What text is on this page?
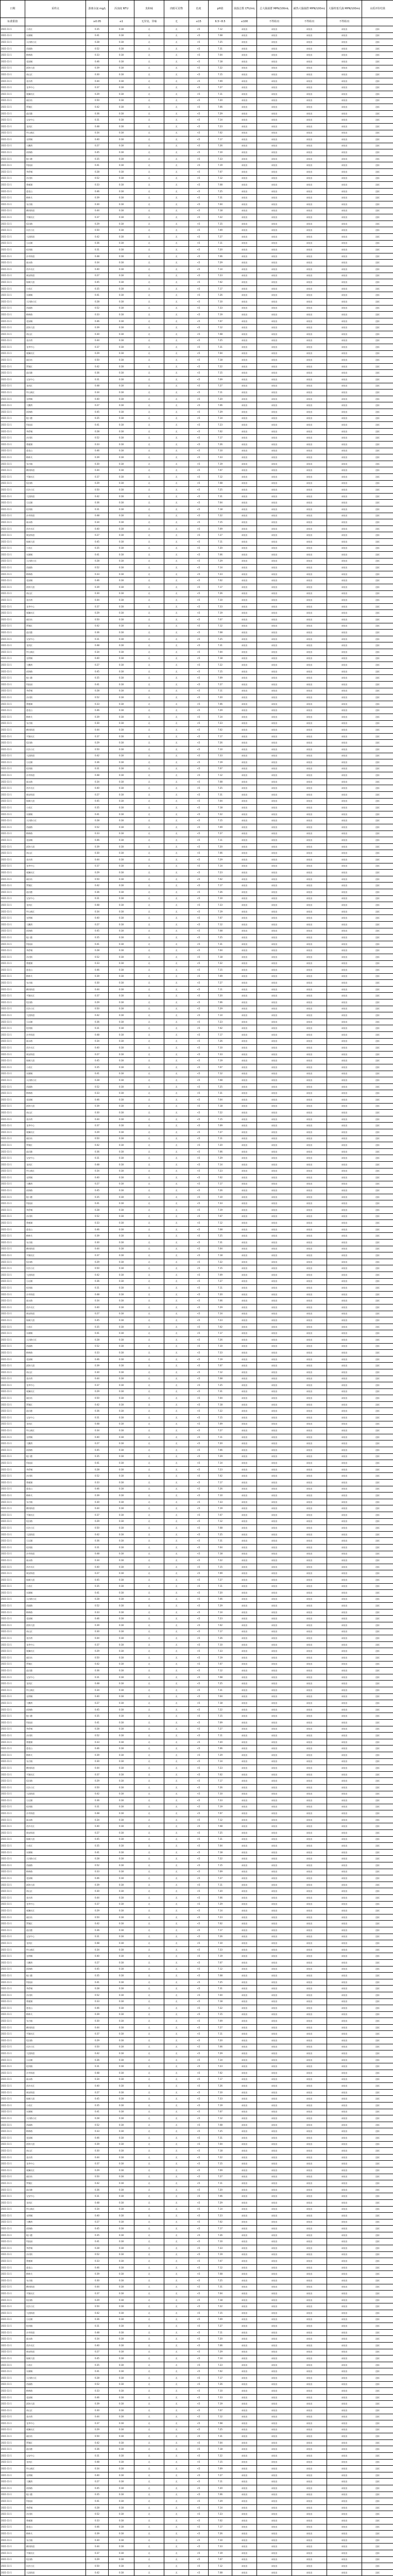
日期	采样点	游离余氯 mg/L	浑浊度 NTU	臭和味	肉眼可见物	色度	pH值	菌落总数 CFU/mL	总大肠菌群 MPN/100mL	耐热大肠菌群 MPN/100mL	大肠埃希氏菌 MPN/100mL	水质评价结果
标准限值		≥0.05	≤1	无异臭、异味	无	≤15	6.5~8.5	≤100	不得检出	不得检出	不得检出	
2021-11-1	小苏区	0.35	0.18	无	无	<5	7.12	未检出	未检出	未检出	未检出	达标
2021-11-1	东湖城	0.41	0.18	无	无	<5	7.08	未检出	未检出	未检出	未检出	达标
2021-11-1	天河路小区	0.28	0.18	无	无	<5	7.25	未检出	未检出	未检出	未检出	达标
2021-11-1	西丽路	0.52	0.18	无	无	<5	7.31	未检出	未检出	未检出	未检出	达标
2021-11-1	梅林路	0.33	0.18	无	无	<5	7.04	未检出	未检出	未检出	未检出	达标
2021-11-1	花园城	0.46	0.18	无	无	<5	7.18	未检出	未检出	未检出	未检出	达标
2021-11-1	滨海大道	0.39	0.18	无	无	<5	7.22	未检出	未检出	未检出	未检出	达标
2021-11-1	南山区	0.30	0.18	无	无	<5	7.15	未检出	未检出	未检出	未检出	达标
2021-11-1	金沙湾	0.44	0.18	无	无	<5	7.09	未检出	未检出	未检出	未检出	达标
2021-11-1	龙华中心	0.37	0.18	无	无	<5	7.27	未检出	未检出	未检出	未检出	达标
2021-11-1	观澜社区	0.29	0.18	无	无	<5	7.11	未检出	未检出	未检出	未检出	达标
2021-11-1	福田站	0.50	0.18	无	无	<5	7.20	未检出	未检出	未检出	未检出	达标
2021-11-1	罗湖区	0.42	0.18	无	无	<5	7.06	未检出	未检出	未检出	未检出	达标
2021-11-1	盐田港	0.36	0.18	无	无	<5	7.29	未检出	未检出	未检出	未检出	达标
2021-11-1	宝安中心	0.31	0.18	无	无	<5	7.14	未检出	未检出	未检出	未检出	达标
2021-11-1	龙岗区	0.48	0.18	无	无	<5	7.23	未检出	未检出	未检出	未检出	达标
2021-11-1	坪山新区	0.34	0.18	无	无	<5	7.02	未检出	未检出	未检出	未检出	达标
2021-11-1	光明城	0.40	0.18	无	无	<5	7.17	未检出	未检出	未检出	未检出	达标
2021-11-1	大鹏湾	0.27	0.18	无	无	<5	7.26	未检出	未检出	未检出	未检出	达标
2021-11-1	前海路	0.45	0.18	无	无	<5	7.10	未检出	未检出	未检出	未检出	达标
2021-11-1	蛇口港	0.35	0.18	无	无	<5	7.33	未检出	未检出	未检出	未检出	达标
2021-11-1	科技园	0.41	0.18	无	无	<5	7.19	未检出	未检出	未检出	未检出	达标
2021-11-1	华侨城	0.28	0.18	无	无	<5	7.07	未检出	未检出	未检出	未检出	达标
2021-11-1	沙河街	0.52	0.18	无	无	<5	7.12	未检出	未检出	未检出	未检出	达标
2021-11-1	香蜜湖	0.33	0.18	无	无	<5	7.08	未检出	未检出	未检出	未检出	达标
2021-11-1	莲花山	0.46	0.18	无	无	<5	7.25	未检出	未检出	未检出	未检出	达标
2021-11-1	梅林关	0.39	0.18	无	无	<5	7.31	未检出	未检出	未检出	未检出	达标
2021-11-1	布吉镇	0.30	0.18	无	无	<5	7.04	未检出	未检出	未检出	未检出	达标
2021-11-1	横岗街道	0.44	0.18	无	无	<5	7.18	未检出	未检出	未检出	未检出	达标
2021-11-1	平湖社区	0.37	0.18	无	无	<5	7.22	未检出	未检出	未检出	未检出	达标
2021-11-1	坂田路	0.29	0.18	无	无	<5	7.15	未检出	未检出	未检出	未检出	达标
2021-11-1	民治小区	0.50	0.18	无	无	<5	7.09	未检出	未检出	未检出	未检出	达标
2021-11-1	大浪街道	0.42	0.18	无	无	<5	7.27	未检出	未检出	未检出	未检出	达标
2021-11-1	石岩湖	0.36	0.18	无	无	<5	7.11	未检出	未检出	未检出	未检出	达标
2021-11-1	松岗镇	0.31	0.18	无	无	<5	7.20	未检出	未检出	未检出	未检出	达标
2021-11-1	沙井街道	0.48	0.18	无	无	<5	7.06	未检出	未检出	未检出	未检出	达标
2021-11-1	福永路	0.34	0.18	无	无	<5	7.29	未检出	未检出	未检出	未检出	达标
2021-11-1	西乡社区	0.40	0.18	无	无	<5	7.14	未检出	未检出	未检出	未检出	达标
2021-11-1	新安街道	0.27	0.18	无	无	<5	7.23	未检出	未检出	未检出	未检出	达标
2021-11-1	航城大道	0.45	0.18	无	无	<5	7.02	未检出	未检出	未检出	未检出	达标
2021-11-1	小苏区	0.35	0.18	无	无	<5	7.17	未检出	未检出	未检出	未检出	达标
2021-11-1	东湖城	0.41	0.18	无	无	<5	7.26	未检出	未检出	未检出	未检出	达标
2021-11-1	天河路小区	0.28	0.18	无	无	<5	7.10	未检出	未检出	未检出	未检出	达标
2021-11-1	西丽路	0.52	0.18	无	无	<5	7.33	未检出	未检出	未检出	未检出	达标
2021-11-1	梅林路	0.33	0.18	无	无	<5	7.19	未检出	未检出	未检出	未检出	达标
2021-11-1	花园城	0.46	0.18	无	无	<5	7.07	未检出	未检出	未检出	未检出	达标
2021-11-1	滨海大道	0.39	0.18	无	无	<5	7.12	未检出	未检出	未检出	未检出	达标
2021-11-1	南山区	0.30	0.18	无	无	<5	7.08	未检出	未检出	未检出	未检出	达标
2021-11-1	金沙湾	0.44	0.18	无	无	<5	7.25	未检出	未检出	未检出	未检出	达标
2021-11-1	龙华中心	0.37	0.18	无	无	<5	7.31	未检出	未检出	未检出	未检出	达标
2021-11-1	观澜社区	0.29	0.18	无	无	<5	7.04	未检出	未检出	未检出	未检出	达标
2021-11-1	福田站	0.50	0.18	无	无	<5	7.18	未检出	未检出	未检出	未检出	达标
2021-11-1	罗湖区	0.42	0.18	无	无	<5	7.22	未检出	未检出	未检出	未检出	达标
2021-11-1	盐田港	0.36	0.18	无	无	<5	7.15	未检出	未检出	未检出	未检出	达标
2021-11-1	宝安中心	0.31	0.18	无	无	<5	7.09	未检出	未检出	未检出	未检出	达标
2021-11-1	龙岗区	0.48	0.18	无	无	<5	7.27	未检出	未检出	未检出	未检出	达标
2021-11-1	坪山新区	0.34	0.18	无	无	<5	7.11	未检出	未检出	未检出	未检出	达标
2021-11-1	光明城	0.40	0.18	无	无	<5	7.20	未检出	未检出	未检出	未检出	达标
2021-11-1	大鹏湾	0.27	0.18	无	无	<5	7.06	未检出	未检出	未检出	未检出	达标
2021-11-1	前海路	0.45	0.18	无	无	<5	7.29	未检出	未检出	未检出	未检出	达标
2021-11-1	蛇口港	0.35	0.18	无	无	<5	7.14	未检出	未检出	未检出	未检出	达标
2021-11-1	科技园	0.41	0.18	无	无	<5	7.23	未检出	未检出	未检出	未检出	达标
2021-11-1	华侨城	0.28	0.18	无	无	<5	7.02	未检出	未检出	未检出	未检出	达标
2021-11-1	沙河街	0.52	0.18	无	无	<5	7.17	未检出	未检出	未检出	未检出	达标
2021-11-1	香蜜湖	0.33	0.18	无	无	<5	7.26	未检出	未检出	未检出	未检出	达标
2021-11-1	莲花山	0.46	0.18	无	无	<5	7.10	未检出	未检出	未检出	未检出	达标
2021-11-1	梅林关	0.39	0.18	无	无	<5	7.33	未检出	未检出	未检出	未检出	达标
2021-11-1	布吉镇	0.30	0.18	无	无	<5	7.19	未检出	未检出	未检出	未检出	达标
2021-11-1	横岗街道	0.44	0.18	无	无	<5	7.07	未检出	未检出	未检出	未检出	达标
2021-11-1	平湖社区	0.37	0.18	无	无	<5	7.12	未检出	未检出	未检出	未检出	达标
2021-11-1	坂田路	0.29	0.18	无	无	<5	7.08	未检出	未检出	未检出	未检出	达标
2021-11-1	民治小区	0.50	0.18	无	无	<5	7.25	未检出	未检出	未检出	未检出	达标
2021-11-1	大浪街道	0.42	0.18	无	无	<5	7.31	未检出	未检出	未检出	未检出	达标
2021-11-1	石岩湖	0.36	0.18	无	无	<5	7.04	未检出	未检出	未检出	未检出	达标
2021-11-1	松岗镇	0.31	0.18	无	无	<5	7.18	未检出	未检出	未检出	未检出	达标
2021-11-1	沙井街道	0.48	0.18	无	无	<5	7.22	未检出	未检出	未检出	未检出	达标
2021-11-1	福永路	0.34	0.18	无	无	<5	7.15	未检出	未检出	未检出	未检出	达标
2021-11-1	西乡社区	0.40	0.18	无	无	<5	7.09	未检出	未检出	未检出	未检出	达标
2021-11-1	新安街道	0.27	0.18	无	无	<5	7.27	未检出	未检出	未检出	未检出	达标
2021-11-1	航城大道	0.45	0.18	无	无	<5	7.11	未检出	未检出	未检出	未检出	达标
2021-11-1	小苏区	0.35	0.18	无	无	<5	7.20	未检出	未检出	未检出	未检出	达标
2021-11-1	东湖城	0.41	0.18	无	无	<5	7.06	未检出	未检出	未检出	未检出	达标
2021-11-1	天河路小区	0.28	0.18	无	无	<5	7.29	未检出	未检出	未检出	未检出	达标
2021-11-1	西丽路	0.52	0.18	无	无	<5	7.14	未检出	未检出	未检出	未检出	达标
2021-11-1	梅林路	0.33	0.18	无	无	<5	7.23	未检出	未检出	未检出	未检出	达标
2021-11-1	花园城	0.46	0.18	无	无	<5	7.02	未检出	未检出	未检出	未检出	达标
2021-11-1	滨海大道	0.39	0.18	无	无	<5	7.17	未检出	未检出	未检出	未检出	达标
2021-11-1	南山区	0.30	0.18	无	无	<5	7.26	未检出	未检出	未检出	未检出	达标
2021-11-1	金沙湾	0.44	0.18	无	无	<5	7.10	未检出	未检出	未检出	未检出	达标
2021-11-1	龙华中心	0.37	0.18	无	无	<5	7.33	未检出	未检出	未检出	未检出	达标
2021-11-1	观澜社区	0.29	0.18	无	无	<5	7.19	未检出	未检出	未检出	未检出	达标
2021-11-1	福田站	0.50	0.18	无	无	<5	7.07	未检出	未检出	未检出	未检出	达标
2021-11-1	罗湖区	0.42	0.18	无	无	<5	7.12	未检出	未检出	未检出	未检出	达标
2021-11-1	盐田港	0.36	0.18	无	无	<5	7.08	未检出	未检出	未检出	未检出	达标
2021-11-1	宝安中心	0.31	0.18	无	无	<5	7.25	未检出	未检出	未检出	未检出	达标
2021-11-1	龙岗区	0.48	0.18	无	无	<5	7.31	未检出	未检出	未检出	未检出	达标
2021-11-1	坪山新区	0.34	0.18	无	无	<5	7.04	未检出	未检出	未检出	未检出	达标
2021-11-1	光明城	0.40	0.18	无	无	<5	7.18	未检出	未检出	未检出	未检出	达标
2021-11-1	大鹏湾	0.27	0.18	无	无	<5	7.22	未检出	未检出	未检出	未检出	达标
2021-11-1	前海路	0.45	0.18	无	无	<5	7.15	未检出	未检出	未检出	未检出	达标
2021-11-1	蛇口港	0.35	0.18	无	无	<5	7.09	未检出	未检出	未检出	未检出	达标
2021-11-1	科技园	0.41	0.18	无	无	<5	7.27	未检出	未检出	未检出	未检出	达标
2021-11-1	华侨城	0.28	0.18	无	无	<5	7.11	未检出	未检出	未检出	未检出	达标
2021-11-1	沙河街	0.52	0.18	无	无	<5	7.20	未检出	未检出	未检出	未检出	达标
2021-11-1	香蜜湖	0.33	0.18	无	无	<5	7.06	未检出	未检出	未检出	未检出	达标
2021-11-1	莲花山	0.46	0.18	无	无	<5	7.29	未检出	未检出	未检出	未检出	达标
2021-11-1	梅林关	0.39	0.18	无	无	<5	7.14	未检出	未检出	未检出	未检出	达标
2021-11-1	布吉镇	0.30	0.18	无	无	<5	7.23	未检出	未检出	未检出	未检出	达标
2021-11-1	横岗街道	0.44	0.18	无	无	<5	7.02	未检出	未检出	未检出	未检出	达标
2021-11-1	平湖社区	0.37	0.18	无	无	<5	7.17	未检出	未检出	未检出	未检出	达标
2021-11-1	坂田路	0.29	0.18	无	无	<5	7.26	未检出	未检出	未检出	未检出	达标
2021-11-1	民治小区	0.50	0.18	无	无	<5	7.10	未检出	未检出	未检出	未检出	达标
2021-11-1	大浪街道	0.42	0.18	无	无	<5	7.33	未检出	未检出	未检出	未检出	达标
2021-11-1	石岩湖	0.36	0.18	无	无	<5	7.19	未检出	未检出	未检出	未检出	达标
2021-11-1	松岗镇	0.31	0.18	无	无	<5	7.07	未检出	未检出	未检出	未检出	达标
2021-11-1	沙井街道	0.48	0.18	无	无	<5	7.12	未检出	未检出	未检出	未检出	达标
2021-11-1	福永路	0.34	0.18	无	无	<5	7.08	未检出	未检出	未检出	未检出	达标
2021-11-1	西乡社区	0.40	0.18	无	无	<5	7.25	未检出	未检出	未检出	未检出	达标
2021-11-1	新安街道	0.27	0.18	无	无	<5	7.31	未检出	未检出	未检出	未检出	达标
2021-11-1	航城大道	0.45	0.18	无	无	<5	7.04	未检出	未检出	未检出	未检出	达标
2021-11-1	小苏区	0.35	0.18	无	无	<5	7.18	未检出	未检出	未检出	未检出	达标
2021-11-1	东湖城	0.41	0.18	无	无	<5	7.22	未检出	未检出	未检出	未检出	达标
2021-11-1	天河路小区	0.28	0.18	无	无	<5	7.15	未检出	未检出	未检出	未检出	达标
2021-11-1	西丽路	0.52	0.18	无	无	<5	7.09	未检出	未检出	未检出	未检出	达标
2021-11-1	梅林路	0.33	0.18	无	无	<5	7.27	未检出	未检出	未检出	未检出	达标
2021-11-1	花园城	0.46	0.18	无	无	<5	7.11	未检出	未检出	未检出	未检出	达标
2021-11-1	滨海大道	0.39	0.18	无	无	<5	7.20	未检出	未检出	未检出	未检出	达标
2021-11-1	南山区	0.30	0.18	无	无	<5	7.06	未检出	未检出	未检出	未检出	达标
2021-11-1	金沙湾	0.44	0.18	无	无	<5	7.29	未检出	未检出	未检出	未检出	达标
2021-11-1	龙华中心	0.37	0.18	无	无	<5	7.14	未检出	未检出	未检出	未检出	达标
2021-11-1	观澜社区	0.29	0.18	无	无	<5	7.23	未检出	未检出	未检出	未检出	达标
2021-11-1	福田站	0.50	0.18	无	无	<5	7.02	未检出	未检出	未检出	未检出	达标
2021-11-1	罗湖区	0.42	0.18	无	无	<5	7.17	未检出	未检出	未检出	未检出	达标
2021-11-1	盐田港	0.36	0.18	无	无	<5	7.26	未检出	未检出	未检出	未检出	达标
2021-11-1	宝安中心	0.31	0.18	无	无	<5	7.10	未检出	未检出	未检出	未检出	达标
2021-11-1	龙岗区	0.48	0.18	无	无	<5	7.33	未检出	未检出	未检出	未检出	达标
2021-11-1	坪山新区	0.34	0.18	无	无	<5	7.19	未检出	未检出	未检出	未检出	达标
2021-11-1	光明城	0.40	0.18	无	无	<5	7.07	未检出	未检出	未检出	未检出	达标
2021-11-1	大鹏湾	0.27	0.18	无	无	<5	7.12	未检出	未检出	未检出	未检出	达标
2021-11-1	前海路	0.45	0.18	无	无	<5	7.08	未检出	未检出	未检出	未检出	达标
2021-11-1	蛇口港	0.35	0.18	无	无	<5	7.25	未检出	未检出	未检出	未检出	达标
2021-11-1	科技园	0.41	0.18	无	无	<5	7.31	未检出	未检出	未检出	未检出	达标
2021-11-1	华侨城	0.28	0.18	无	无	<5	7.04	未检出	未检出	未检出	未检出	达标
2021-11-1	沙河街	0.52	0.18	无	无	<5	7.18	未检出	未检出	未检出	未检出	达标
2021-11-1	香蜜湖	0.33	0.18	无	无	<5	7.22	未检出	未检出	未检出	未检出	达标
2021-11-1	莲花山	0.46	0.18	无	无	<5	7.15	未检出	未检出	未检出	未检出	达标
2021-11-1	梅林关	0.39	0.18	无	无	<5	7.09	未检出	未检出	未检出	未检出	达标
2021-11-1	布吉镇	0.30	0.18	无	无	<5	7.27	未检出	未检出	未检出	未检出	达标
2021-11-1	横岗街道	0.44	0.18	无	无	<5	7.11	未检出	未检出	未检出	未检出	达标
2021-11-1	平湖社区	0.37	0.18	无	无	<5	7.20	未检出	未检出	未检出	未检出	达标
2021-11-1	坂田路	0.29	0.18	无	无	<5	7.06	未检出	未检出	未检出	未检出	达标
2021-11-1	民治小区	0.50	0.18	无	无	<5	7.29	未检出	未检出	未检出	未检出	达标
2021-11-1	大浪街道	0.42	0.18	无	无	<5	7.14	未检出	未检出	未检出	未检出	达标
2021-11-1	石岩湖	0.36	0.18	无	无	<5	7.23	未检出	未检出	未检出	未检出	达标
2021-11-1	松岗镇	0.31	0.18	无	无	<5	7.02	未检出	未检出	未检出	未检出	达标
2021-11-1	沙井街道	0.48	0.18	无	无	<5	7.17	未检出	未检出	未检出	未检出	达标
2021-11-1	福永路	0.34	0.18	无	无	<5	7.26	未检出	未检出	未检出	未检出	达标
2021-11-1	西乡社区	0.40	0.18	无	无	<5	7.10	未检出	未检出	未检出	未检出	达标
2021-11-1	新安街道	0.27	0.18	无	无	<5	7.33	未检出	未检出	未检出	未检出	达标
2021-11-1	航城大道	0.45	0.18	无	无	<5	7.19	未检出	未检出	未检出	未检出	达标
2021-11-1	小苏区	0.35	0.18	无	无	<5	7.07	未检出	未检出	未检出	未检出	达标
2021-11-1	东湖城	0.41	0.18	无	无	<5	7.12	未检出	未检出	未检出	未检出	达标
2021-11-1	天河路小区	0.28	0.18	无	无	<5	7.08	未检出	未检出	未检出	未检出	达标
2021-11-1	西丽路	0.52	0.18	无	无	<5	7.25	未检出	未检出	未检出	未检出	达标
2021-11-1	梅林路	0.33	0.18	无	无	<5	7.31	未检出	未检出	未检出	未检出	达标
2021-11-1	花园城	0.46	0.18	无	无	<5	7.04	未检出	未检出	未检出	未检出	达标
2021-11-1	滨海大道	0.39	0.18	无	无	<5	7.18	未检出	未检出	未检出	未检出	达标
2021-11-1	南山区	0.30	0.18	无	无	<5	7.22	未检出	未检出	未检出	未检出	达标
2021-11-1	金沙湾	0.44	0.18	无	无	<5	7.15	未检出	未检出	未检出	未检出	达标
2021-11-1	龙华中心	0.37	0.18	无	无	<5	7.09	未检出	未检出	未检出	未检出	达标
2021-11-1	观澜社区	0.29	0.18	无	无	<5	7.27	未检出	未检出	未检出	未检出	达标
2021-11-1	福田站	0.50	0.18	无	无	<5	7.11	未检出	未检出	未检出	未检出	达标
2021-11-1	罗湖区	0.42	0.18	无	无	<5	7.20	未检出	未检出	未检出	未检出	达标
2021-11-1	盐田港	0.36	0.18	无	无	<5	7.06	未检出	未检出	未检出	未检出	达标
2021-11-1	宝安中心	0.31	0.18	无	无	<5	7.29	未检出	未检出	未检出	未检出	达标
2021-11-1	龙岗区	0.48	0.18	无	无	<5	7.14	未检出	未检出	未检出	未检出	达标
2021-11-1	坪山新区	0.34	0.18	无	无	<5	7.23	未检出	未检出	未检出	未检出	达标
2021-11-1	光明城	0.40	0.18	无	无	<5	7.02	未检出	未检出	未检出	未检出	达标
2021-11-1	大鹏湾	0.27	0.18	无	无	<5	7.17	未检出	未检出	未检出	未检出	达标
2021-11-1	前海路	0.45	0.18	无	无	<5	7.26	未检出	未检出	未检出	未检出	达标
2021-11-1	蛇口港	0.35	0.18	无	无	<5	7.10	未检出	未检出	未检出	未检出	达标
2021-11-1	科技园	0.41	0.18	无	无	<5	7.33	未检出	未检出	未检出	未检出	达标
2021-11-1	华侨城	0.28	0.18	无	无	<5	7.19	未检出	未检出	未检出	未检出	达标
2021-11-1	沙河街	0.52	0.18	无	无	<5	7.07	未检出	未检出	未检出	未检出	达标
2021-11-1	香蜜湖	0.33	0.18	无	无	<5	7.12	未检出	未检出	未检出	未检出	达标
2021-11-1	莲花山	0.46	0.18	无	无	<5	7.08	未检出	未检出	未检出	未检出	达标
2021-11-1	梅林关	0.39	0.18	无	无	<5	7.25	未检出	未检出	未检出	未检出	达标
2021-11-1	布吉镇	0.30	0.18	无	无	<5	7.31	未检出	未检出	未检出	未检出	达标
2021-11-1	横岗街道	0.44	0.18	无	无	<5	7.04	未检出	未检出	未检出	未检出	达标
2021-11-1	平湖社区	0.37	0.18	无	无	<5	7.18	未检出	未检出	未检出	未检出	达标
2021-11-1	坂田路	0.29	0.18	无	无	<5	7.22	未检出	未检出	未检出	未检出	达标
2021-11-1	民治小区	0.50	0.18	无	无	<5	7.15	未检出	未检出	未检出	未检出	达标
2021-11-1	大浪街道	0.42	0.18	无	无	<5	7.09	未检出	未检出	未检出	未检出	达标
2021-11-1	石岩湖	0.36	0.18	无	无	<5	7.27	未检出	未检出	未检出	未检出	达标
2021-11-1	松岗镇	0.31	0.18	无	无	<5	7.11	未检出	未检出	未检出	未检出	达标
2021-11-1	沙井街道	0.48	0.18	无	无	<5	7.20	未检出	未检出	未检出	未检出	达标
2021-11-1	福永路	0.34	0.18	无	无	<5	7.06	未检出	未检出	未检出	未检出	达标
2021-11-1	西乡社区	0.40	0.18	无	无	<5	7.29	未检出	未检出	未检出	未检出	达标
2021-11-1	新安街道	0.27	0.18	无	无	<5	7.14	未检出	未检出	未检出	未检出	达标
2021-11-1	航城大道	0.45	0.18	无	无	<5	7.23	未检出	未检出	未检出	未检出	达标
2021-11-1	小苏区	0.35	0.18	无	无	<5	7.02	未检出	未检出	未检出	未检出	达标
2021-11-1	东湖城	0.41	0.18	无	无	<5	7.17	未检出	未检出	未检出	未检出	达标
2021-11-1	天河路小区	0.28	0.18	无	无	<5	7.26	未检出	未检出	未检出	未检出	达标
2021-11-1	西丽路	0.52	0.18	无	无	<5	7.10	未检出	未检出	未检出	未检出	达标
2021-11-1	梅林路	0.33	0.18	无	无	<5	7.33	未检出	未检出	未检出	未检出	达标
2021-11-1	花园城	0.46	0.18	无	无	<5	7.19	未检出	未检出	未检出	未检出	达标
2021-11-1	滨海大道	0.39	0.18	无	无	<5	7.07	未检出	未检出	未检出	未检出	达标
2021-11-1	南山区	0.30	0.18	无	无	<5	7.12	未检出	未检出	未检出	未检出	达标
2021-11-1	金沙湾	0.44	0.18	无	无	<5	7.08	未检出	未检出	未检出	未检出	达标
2021-11-1	龙华中心	0.37	0.18	无	无	<5	7.25	未检出	未检出	未检出	未检出	达标
2021-11-1	观澜社区	0.29	0.18	无	无	<5	7.31	未检出	未检出	未检出	未检出	达标
2021-11-1	福田站	0.50	0.18	无	无	<5	7.04	未检出	未检出	未检出	未检出	达标
2021-11-1	罗湖区	0.42	0.18	无	无	<5	7.18	未检出	未检出	未检出	未检出	达标
2021-11-1	盐田港	0.36	0.18	无	无	<5	7.22	未检出	未检出	未检出	未检出	达标
2021-11-1	宝安中心	0.31	0.18	无	无	<5	7.15	未检出	未检出	未检出	未检出	达标
2021-11-1	龙岗区	0.48	0.18	无	无	<5	7.09	未检出	未检出	未检出	未检出	达标
2021-11-1	坪山新区	0.34	0.18	无	无	<5	7.27	未检出	未检出	未检出	未检出	达标
2021-11-1	光明城	0.40	0.18	无	无	<5	7.11	未检出	未检出	未检出	未检出	达标
2021-11-1	大鹏湾	0.27	0.18	无	无	<5	7.20	未检出	未检出	未检出	未检出	达标
2021-11-1	前海路	0.45	0.18	无	无	<5	7.06	未检出	未检出	未检出	未检出	达标
2021-11-1	蛇口港	0.35	0.18	无	无	<5	7.29	未检出	未检出	未检出	未检出	达标
2021-11-1	科技园	0.41	0.18	无	无	<5	7.14	未检出	未检出	未检出	未检出	达标
2021-11-1	华侨城	0.28	0.18	无	无	<5	7.23	未检出	未检出	未检出	未检出	达标
2021-11-1	沙河街	0.52	0.18	无	无	<5	7.02	未检出	未检出	未检出	未检出	达标
2021-11-1	香蜜湖	0.33	0.18	无	无	<5	7.17	未检出	未检出	未检出	未检出	达标
2021-11-1	莲花山	0.46	0.18	无	无	<5	7.26	未检出	未检出	未检出	未检出	达标
2021-11-1	梅林关	0.39	0.18	无	无	<5	7.10	未检出	未检出	未检出	未检出	达标
2021-11-1	布吉镇	0.30	0.18	无	无	<5	7.33	未检出	未检出	未检出	未检出	达标
2021-11-1	横岗街道	0.44	0.18	无	无	<5	7.19	未检出	未检出	未检出	未检出	达标
2021-11-1	平湖社区	0.37	0.18	无	无	<5	7.07	未检出	未检出	未检出	未检出	达标
2021-11-1	坂田路	0.29	0.18	无	无	<5	7.12	未检出	未检出	未检出	未检出	达标
2021-11-1	民治小区	0.50	0.18	无	无	<5	7.08	未检出	未检出	未检出	未检出	达标
2021-11-1	大浪街道	0.42	0.18	无	无	<5	7.25	未检出	未检出	未检出	未检出	达标
2021-11-1	石岩湖	0.36	0.18	无	无	<5	7.31	未检出	未检出	未检出	未检出	达标
2021-11-1	松岗镇	0.31	0.18	无	无	<5	7.04	未检出	未检出	未检出	未检出	达标
2021-11-1	沙井街道	0.48	0.18	无	无	<5	7.18	未检出	未检出	未检出	未检出	达标
2021-11-1	福永路	0.34	0.18	无	无	<5	7.22	未检出	未检出	未检出	未检出	达标
2021-11-1	西乡社区	0.40	0.18	无	无	<5	7.15	未检出	未检出	未检出	未检出	达标
2021-11-1	新安街道	0.27	0.18	无	无	<5	7.09	未检出	未检出	未检出	未检出	达标
2021-11-1	航城大道	0.45	0.18	无	无	<5	7.27	未检出	未检出	未检出	未检出	达标
2021-11-1	小苏区	0.35	0.18	无	无	<5	7.11	未检出	未检出	未检出	未检出	达标
2021-11-1	东湖城	0.41	0.18	无	无	<5	7.20	未检出	未检出	未检出	未检出	达标
2021-11-1	天河路小区	0.28	0.18	无	无	<5	7.06	未检出	未检出	未检出	未检出	达标
2021-11-1	西丽路	0.52	0.18	无	无	<5	7.29	未检出	未检出	未检出	未检出	达标
2021-11-1	梅林路	0.33	0.18	无	无	<5	7.14	未检出	未检出	未检出	未检出	达标
2021-11-1	花园城	0.46	0.18	无	无	<5	7.23	未检出	未检出	未检出	未检出	达标
2021-11-1	滨海大道	0.39	0.18	无	无	<5	7.02	未检出	未检出	未检出	未检出	达标
2021-11-1	南山区	0.30	0.18	无	无	<5	7.17	未检出	未检出	未检出	未检出	达标
2021-11-1	金沙湾	0.44	0.18	无	无	<5	7.26	未检出	未检出	未检出	未检出	达标
2021-11-1	龙华中心	0.37	0.18	无	无	<5	7.10	未检出	未检出	未检出	未检出	达标
2021-11-1	观澜社区	0.29	0.18	无	无	<5	7.33	未检出	未检出	未检出	未检出	达标
2021-11-1	福田站	0.50	0.18	无	无	<5	7.19	未检出	未检出	未检出	未检出	达标
2021-11-1	罗湖区	0.42	0.18	无	无	<5	7.07	未检出	未检出	未检出	未检出	达标
2021-11-1	盐田港	0.36	0.18	无	无	<5	7.12	未检出	未检出	未检出	未检出	达标
2021-11-1	宝安中心	0.31	0.18	无	无	<5	7.08	未检出	未检出	未检出	未检出	达标
2021-11-1	龙岗区	0.48	0.18	无	无	<5	7.25	未检出	未检出	未检出	未检出	达标
2021-11-1	坪山新区	0.34	0.18	无	无	<5	7.31	未检出	未检出	未检出	未检出	达标
2021-11-1	光明城	0.40	0.18	无	无	<5	7.04	未检出	未检出	未检出	未检出	达标
2021-11-1	大鹏湾	0.27	0.18	无	无	<5	7.18	未检出	未检出	未检出	未检出	达标
2021-11-1	前海路	0.45	0.18	无	无	<5	7.22	未检出	未检出	未检出	未检出	达标
2021-11-1	蛇口港	0.35	0.18	无	无	<5	7.15	未检出	未检出	未检出	未检出	达标
2021-11-1	科技园	0.41	0.18	无	无	<5	7.09	未检出	未检出	未检出	未检出	达标
2021-11-1	华侨城	0.28	0.18	无	无	<5	7.27	未检出	未检出	未检出	未检出	达标
2021-11-1	沙河街	0.52	0.18	无	无	<5	7.11	未检出	未检出	未检出	未检出	达标
2021-11-1	香蜜湖	0.33	0.18	无	无	<5	7.20	未检出	未检出	未检出	未检出	达标
2021-11-1	莲花山	0.46	0.18	无	无	<5	7.06	未检出	未检出	未检出	未检出	达标
2021-11-1	梅林关	0.39	0.18	无	无	<5	7.29	未检出	未检出	未检出	未检出	达标
2021-11-1	布吉镇	0.30	0.18	无	无	<5	7.14	未检出	未检出	未检出	未检出	达标
2021-11-1	横岗街道	0.44	0.18	无	无	<5	7.23	未检出	未检出	未检出	未检出	达标
2021-11-1	平湖社区	0.37	0.18	无	无	<5	7.02	未检出	未检出	未检出	未检出	达标
2021-11-1	坂田路	0.29	0.18	无	无	<5	7.17	未检出	未检出	未检出	未检出	达标
2021-11-1	民治小区	0.50	0.18	无	无	<5	7.26	未检出	未检出	未检出	未检出	达标
2021-11-1	大浪街道	0.42	0.18	无	无	<5	7.10	未检出	未检出	未检出	未检出	达标
2021-11-1	石岩湖	0.36	0.18	无	无	<5	7.33	未检出	未检出	未检出	未检出	达标
2021-11-1	松岗镇	0.31	0.18	无	无	<5	7.19	未检出	未检出	未检出	未检出	达标
2021-11-1	沙井街道	0.48	0.18	无	无	<5	7.07	未检出	未检出	未检出	未检出	达标
2021-11-1	福永路	0.34	0.18	无	无	<5	7.12	未检出	未检出	未检出	未检出	达标
2021-11-1	西乡社区	0.40	0.18	无	无	<5	7.08	未检出	未检出	未检出	未检出	达标
2021-11-1	新安街道	0.27	0.18	无	无	<5	7.25	未检出	未检出	未检出	未检出	达标
2021-11-1	航城大道	0.45	0.18	无	无	<5	7.31	未检出	未检出	未检出	未检出	达标
2021-11-1	小苏区	0.35	0.18	无	无	<5	7.04	未检出	未检出	未检出	未检出	达标
2021-11-1	东湖城	0.41	0.18	无	无	<5	7.18	未检出	未检出	未检出	未检出	达标
2021-11-1	天河路小区	0.28	0.18	无	无	<5	7.22	未检出	未检出	未检出	未检出	达标
2021-11-1	西丽路	0.52	0.18	无	无	<5	7.15	未检出	未检出	未检出	未检出	达标
2021-11-1	梅林路	0.33	0.18	无	无	<5	7.09	未检出	未检出	未检出	未检出	达标
2021-11-1	花园城	0.46	0.18	无	无	<5	7.27	未检出	未检出	未检出	未检出	达标
2021-11-1	滨海大道	0.39	0.18	无	无	<5	7.11	未检出	未检出	未检出	未检出	达标
2021-11-1	南山区	0.30	0.18	无	无	<5	7.20	未检出	未检出	未检出	未检出	达标
2021-11-1	金沙湾	0.44	0.18	无	无	<5	7.06	未检出	未检出	未检出	未检出	达标
2021-11-1	龙华中心	0.37	0.18	无	无	<5	7.29	未检出	未检出	未检出	未检出	达标
2021-11-1	观澜社区	0.29	0.18	无	无	<5	7.14	未检出	未检出	未检出	未检出	达标
2021-11-1	福田站	0.50	0.18	无	无	<5	7.23	未检出	未检出	未检出	未检出	达标
2021-11-1	罗湖区	0.42	0.18	无	无	<5	7.02	未检出	未检出	未检出	未检出	达标
2021-11-1	盐田港	0.36	0.18	无	无	<5	7.17	未检出	未检出	未检出	未检出	达标
2021-11-1	宝安中心	0.31	0.18	无	无	<5	7.26	未检出	未检出	未检出	未检出	达标
2021-11-1	龙岗区	0.48	0.18	无	无	<5	7.10	未检出	未检出	未检出	未检出	达标
2021-11-1	坪山新区	0.34	0.18	无	无	<5	7.33	未检出	未检出	未检出	未检出	达标
2021-11-1	光明城	0.40	0.18	无	无	<5	7.19	未检出	未检出	未检出	未检出	达标
2021-11-1	大鹏湾	0.27	0.18	无	无	<5	7.07	未检出	未检出	未检出	未检出	达标
2021-11-1	前海路	0.45	0.18	无	无	<5	7.12	未检出	未检出	未检出	未检出	达标
2021-11-1	蛇口港	0.35	0.18	无	无	<5	7.08	未检出	未检出	未检出	未检出	达标
2021-11-1	科技园	0.41	0.18	无	无	<5	7.25	未检出	未检出	未检出	未检出	达标
2021-11-1	华侨城	0.28	0.18	无	无	<5	7.31	未检出	未检出	未检出	未检出	达标
2021-11-1	沙河街	0.52	0.18	无	无	<5	7.04	未检出	未检出	未检出	未检出	达标
2021-11-1	香蜜湖	0.33	0.18	无	无	<5	7.18	未检出	未检出	未检出	未检出	达标
2021-11-1	莲花山	0.46	0.18	无	无	<5	7.22	未检出	未检出	未检出	未检出	达标
2021-11-1	梅林关	0.39	0.18	无	无	<5	7.15	未检出	未检出	未检出	未检出	达标
2021-11-1	布吉镇	0.30	0.18	无	无	<5	7.09	未检出	未检出	未检出	未检出	达标
2021-11-1	横岗街道	0.44	0.18	无	无	<5	7.27	未检出	未检出	未检出	未检出	达标
2021-11-1	平湖社区	0.37	0.18	无	无	<5	7.11	未检出	未检出	未检出	未检出	达标
2021-11-1	坂田路	0.29	0.18	无	无	<5	7.20	未检出	未检出	未检出	未检出	达标
2021-11-1	民治小区	0.50	0.18	无	无	<5	7.06	未检出	未检出	未检出	未检出	达标
2021-11-1	大浪街道	0.42	0.18	无	无	<5	7.29	未检出	未检出	未检出	未检出	达标
2021-11-1	石岩湖	0.36	0.18	无	无	<5	7.14	未检出	未检出	未检出	未检出	达标
2021-11-1	松岗镇	0.31	0.18	无	无	<5	7.23	未检出	未检出	未检出	未检出	达标
2021-11-1	沙井街道	0.48	0.18	无	无	<5	7.02	未检出	未检出	未检出	未检出	达标
2021-11-1	福永路	0.34	0.18	无	无	<5	7.17	未检出	未检出	未检出	未检出	达标
2021-11-1	西乡社区	0.40	0.18	无	无	<5	7.26	未检出	未检出	未检出	未检出	达标
2021-11-1	新安街道	0.27	0.18	无	无	<5	7.10	未检出	未检出	未检出	未检出	达标
2021-11-1	航城大道	0.45	0.18	无	无	<5	7.33	未检出	未检出	未检出	未检出	达标
2021-11-1	小苏区	0.35	0.18	无	无	<5	7.19	未检出	未检出	未检出	未检出	达标
2021-11-1	东湖城	0.41	0.18	无	无	<5	7.07	未检出	未检出	未检出	未检出	达标
2021-11-1	天河路小区	0.28	0.18	无	无	<5	7.12	未检出	未检出	未检出	未检出	达标
2021-11-1	西丽路	0.52	0.18	无	无	<5	7.08	未检出	未检出	未检出	未检出	达标
2021-11-1	梅林路	0.33	0.18	无	无	<5	7.25	未检出	未检出	未检出	未检出	达标
2021-11-1	花园城	0.46	0.18	无	无	<5	7.31	未检出	未检出	未检出	未检出	达标
2021-11-1	滨海大道	0.39	0.18	无	无	<5	7.04	未检出	未检出	未检出	未检出	达标
2021-11-1	南山区	0.30	0.18	无	无	<5	7.18	未检出	未检出	未检出	未检出	达标
2021-11-1	金沙湾	0.44	0.18	无	无	<5	7.22	未检出	未检出	未检出	未检出	达标
2021-11-1	龙华中心	0.37	0.18	无	无	<5	7.15	未检出	未检出	未检出	未检出	达标
2021-11-1	观澜社区	0.29	0.18	无	无	<5	7.09	未检出	未检出	未检出	未检出	达标
2021-11-1	福田站	0.50	0.18	无	无	<5	7.27	未检出	未检出	未检出	未检出	达标
2021-11-1	罗湖区	0.42	0.18	无	无	<5	7.11	未检出	未检出	未检出	未检出	达标
2021-11-1	盐田港	0.36	0.18	无	无	<5	7.20	未检出	未检出	未检出	未检出	达标
2021-11-1	宝安中心	0.31	0.18	无	无	<5	7.06	未检出	未检出	未检出	未检出	达标
2021-11-1	龙岗区	0.48	0.18	无	无	<5	7.29	未检出	未检出	未检出	未检出	达标
2021-11-1	坪山新区	0.34	0.18	无	无	<5	7.14	未检出	未检出	未检出	未检出	达标
2021-11-1	光明城	0.40	0.18	无	无	<5	7.23	未检出	未检出	未检出	未检出	达标
2021-11-1	大鹏湾	0.27	0.18	无	无	<5	7.02	未检出	未检出	未检出	未检出	达标
2021-11-1	前海路	0.45	0.18	无	无	<5	7.17	未检出	未检出	未检出	未检出	达标
2021-11-1	蛇口港	0.35	0.18	无	无	<5	7.26	未检出	未检出	未检出	未检出	达标
2021-11-1	科技园	0.41	0.18	无	无	<5	7.10	未检出	未检出	未检出	未检出	达标
2021-11-1	华侨城	0.28	0.18	无	无	<5	7.33	未检出	未检出	未检出	未检出	达标
2021-11-1	沙河街	0.52	0.18	无	无	<5	7.19	未检出	未检出	未检出	未检出	达标
2021-11-1	香蜜湖	0.33	0.18	无	无	<5	7.07	未检出	未检出	未检出	未检出	达标
2021-11-1	莲花山	0.46	0.18	无	无	<5	7.12	未检出	未检出	未检出	未检出	达标
2021-11-1	梅林关	0.39	0.18	无	无	<5	7.08	未检出	未检出	未检出	未检出	达标
2021-11-1	布吉镇	0.30	0.18	无	无	<5	7.25	未检出	未检出	未检出	未检出	达标
2021-11-1	横岗街道	0.44	0.18	无	无	<5	7.31	未检出	未检出	未检出	未检出	达标
2021-11-1	平湖社区	0.37	0.18	无	无	<5	7.04	未检出	未检出	未检出	未检出	达标
2021-11-1	坂田路	0.29	0.18	无	无	<5	7.18	未检出	未检出	未检出	未检出	达标
2021-11-1	民治小区	0.50	0.18	无	无	<5	7.22	未检出	未检出	未检出	未检出	达标
2021-11-1	大浪街道	0.42	0.18	无	无	<5	7.15	未检出	未检出	未检出	未检出	达标
2021-11-1	石岩湖	0.36	0.18	无	无	<5	7.09	未检出	未检出	未检出	未检出	达标
2021-11-1	松岗镇	0.31	0.18	无	无	<5	7.27	未检出	未检出	未检出	未检出	达标
2021-11-1	沙井街道	0.48	0.18	无	无	<5	7.11	未检出	未检出	未检出	未检出	达标
2021-11-1	福永路	0.34	0.18	无	无	<5	7.20	未检出	未检出	未检出	未检出	达标
2021-11-1	西乡社区	0.40	0.18	无	无	<5	7.06	未检出	未检出	未检出	未检出	达标
2021-11-1	新安街道	0.27	0.18	无	无	<5	7.29	未检出	未检出	未检出	未检出	达标
2021-11-1	航城大道	0.45	0.18	无	无	<5	7.14	未检出	未检出	未检出	未检出	达标
2021-11-1	小苏区	0.35	0.18	无	无	<5	7.23	未检出	未检出	未检出	未检出	达标
2021-11-1	东湖城	0.41	0.18	无	无	<5	7.02	未检出	未检出	未检出	未检出	达标
2021-11-1	天河路小区	0.28	0.18	无	无	<5	7.17	未检出	未检出	未检出	未检出	达标
2021-11-1	西丽路	0.52	0.18	无	无	<5	7.26	未检出	未检出	未检出	未检出	达标
2021-11-1	梅林路	0.33	0.18	无	无	<5	7.10	未检出	未检出	未检出	未检出	达标
2021-11-1	花园城	0.46	0.18	无	无	<5	7.33	未检出	未检出	未检出	未检出	达标
2021-11-1	滨海大道	0.39	0.18	无	无	<5	7.19	未检出	未检出	未检出	未检出	达标
2021-11-1	南山区	0.30	0.18	无	无	<5	7.07	未检出	未检出	未检出	未检出	达标
2021-11-1	金沙湾	0.44	0.18	无	无	<5	7.12	未检出	未检出	未检出	未检出	达标
2021-11-1	龙华中心	0.37	0.18	无	无	<5	7.08	未检出	未检出	未检出	未检出	达标
2021-11-1	观澜社区	0.29	0.18	无	无	<5	7.25	未检出	未检出	未检出	未检出	达标
2021-11-1	福田站	0.50	0.18	无	无	<5	7.31	未检出	未检出	未检出	未检出	达标
2021-11-1	罗湖区	0.42	0.18	无	无	<5	7.04	未检出	未检出	未检出	未检出	达标
2021-11-1	盐田港	0.36	0.18	无	无	<5	7.18	未检出	未检出	未检出	未检出	达标
2021-11-1	宝安中心	0.31	0.18	无	无	<5	7.22	未检出	未检出	未检出	未检出	达标
2021-11-1	龙岗区	0.48	0.18	无	无	<5	7.15	未检出	未检出	未检出	未检出	达标
2021-11-1	坪山新区	0.34	0.18	无	无	<5	7.09	未检出	未检出	未检出	未检出	达标
2021-11-1	光明城	0.40	0.18	无	无	<5	7.27	未检出	未检出	未检出	未检出	达标
2021-11-1	大鹏湾	0.27	0.18	无	无	<5	7.11	未检出	未检出	未检出	未检出	达标
2021-11-1	前海路	0.45	0.18	无	无	<5	7.20	未检出	未检出	未检出	未检出	达标
2021-11-1	蛇口港	0.35	0.18	无	无	<5	7.06	未检出	未检出	未检出	未检出	达标
2021-11-1	科技园	0.41	0.18	无	无	<5	7.29	未检出	未检出	未检出	未检出	达标
2021-11-1	华侨城	0.28	0.18	无	无	<5	7.14	未检出	未检出	未检出	未检出	达标
2021-11-1	沙河街	0.52	0.18	无	无	<5	7.23	未检出	未检出	未检出	未检出	达标
2021-11-1	香蜜湖	0.33	0.18	无	无	<5	7.02	未检出	未检出	未检出	未检出	达标
2021-11-1	莲花山	0.46	0.18	无	无	<5	7.17	未检出	未检出	未检出	未检出	达标
2021-11-1	梅林关	0.39	0.18	无	无	<5	7.26	未检出	未检出	未检出	未检出	达标
2021-11-1	布吉镇	0.30	0.18	无	无	<5	7.10	未检出	未检出	未检出	未检出	达标
2021-11-1	横岗街道	0.44	0.18	无	无	<5	7.33	未检出	未检出	未检出	未检出	达标
2021-11-1	平湖社区	0.37	0.18	无	无	<5	7.19	未检出	未检出	未检出	未检出	达标
2021-11-1	坂田路	0.29	0.18	无	无	<5	7.07	未检出	未检出	未检出	未检出	达标
2021-11-1	民治小区	0.50	0.18	无	无	<5	7.12	未检出	未检出	未检出	未检出	达标
2021-11-1	大浪街道	0.42	0.18	无	无	<5	7.08	未检出	未检出	未检出	未检出	达标
